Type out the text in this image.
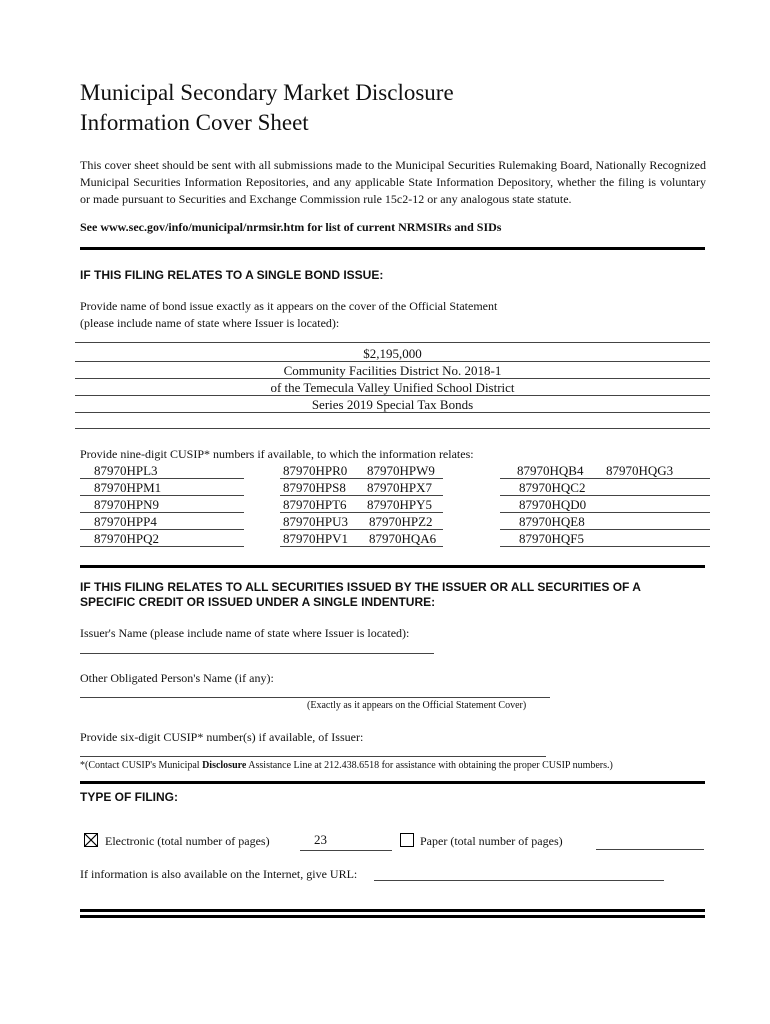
Municipal Secondary Market Disclosure
Information Cover Sheet
This cover sheet should be sent with all submissions made to the Municipal Securities Rulemaking Board, Nationally Recognized Municipal Securities Information Repositories, and any applicable State Information Depository, whether the filing is voluntary or made pursuant to Securities and Exchange Commission rule 15c2-12 or any analogous state statute.
See www.sec.gov/info/municipal/nrmsir.htm for list of current NRMSIRs and SIDs
IF THIS FILING RELATES TO A SINGLE BOND ISSUE:
Provide name of bond issue exactly as it appears on the cover of the Official Statement
(please include name of state where Issuer is located):
$2,195,000
Community Facilities District No. 2018-1
of the Temecula Valley Unified School District
Series 2019 Special Tax Bonds
Provide nine-digit CUSIP* numbers if available, to which the information relates:
87970HPL3
87970HPM1
87970HPN9
87970HPP4
87970HPQ2
87970HPR0
87970HPS8
87970HPT6
87970HPU3
87970HPV1
87970HPW9
87970HPX7
87970HPY5
87970HPZ2
87970HQA6
87970HQB4
87970HQC2
87970HQD0
87970HQE8
87970HQF5
87970HQG3
IF THIS FILING RELATES TO ALL SECURITIES ISSUED BY THE ISSUER OR ALL SECURITIES OF A
SPECIFIC CREDIT OR ISSUED UNDER A SINGLE INDENTURE:
Issuer's Name (please include name of state where Issuer is located):
Other Obligated Person's Name (if any):
(Exactly as it appears on the Official Statement Cover)
Provide six-digit CUSIP* number(s) if available, of Issuer:
*(Contact CUSIP's Municipal Disclosure Assistance Line at 212.438.6518 for assistance with obtaining the proper CUSIP numbers.)
TYPE OF FILING:
Electronic (total number of pages)	23	Paper (total number of pages)
If information is also available on the Internet, give URL:
